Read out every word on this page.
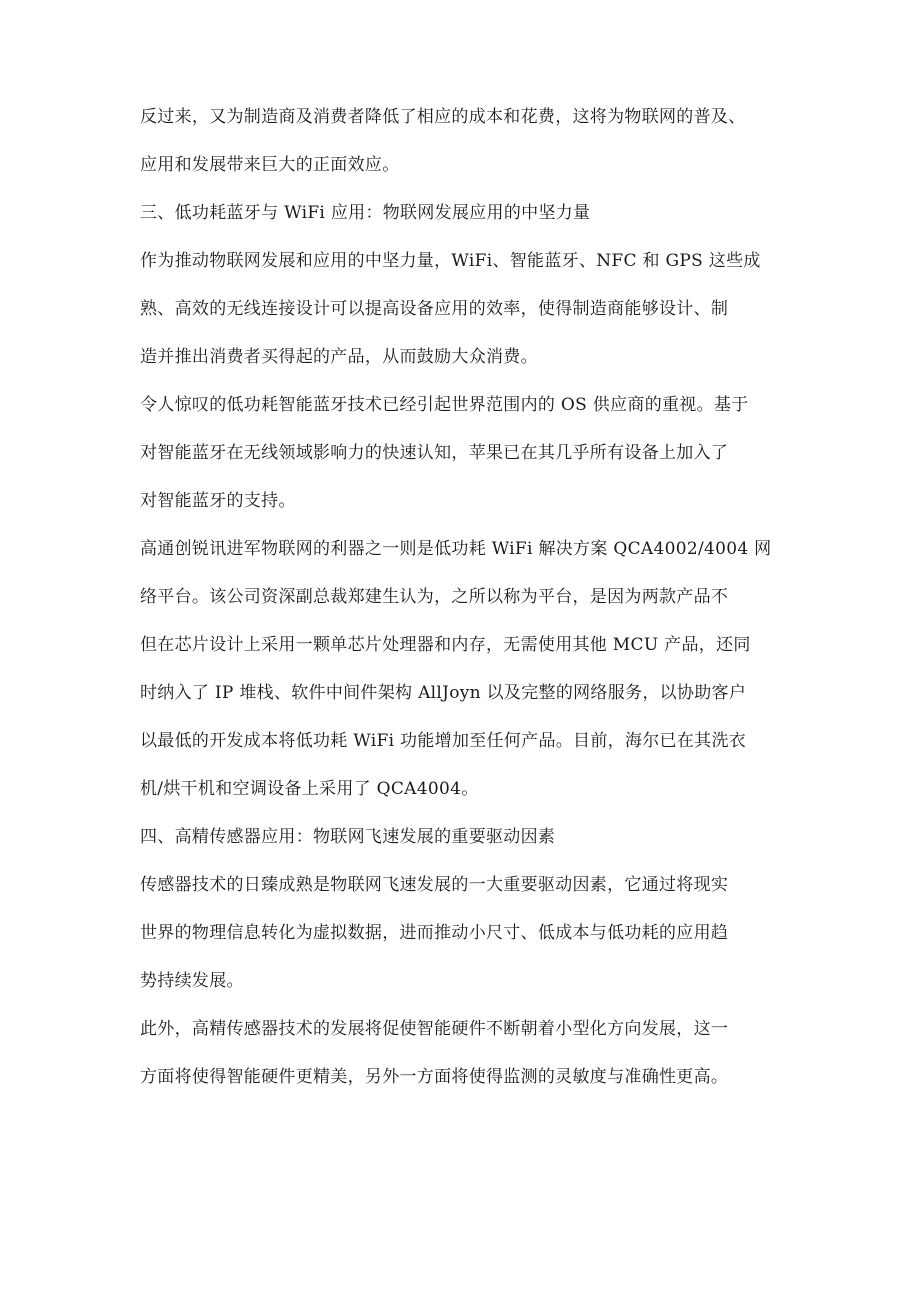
反过来，又为制造商及消费者降低了相应的成本和花费，这将为物联网的普及、
应用和发展带来巨大的正面效应。
三、低功耗蓝牙与 WiFi 应用：物联网发展应用的中坚力量
作为推动物联网发展和应用的中坚力量，WiFi、智能蓝牙、NFC 和 GPS 这些成
熟、高效的无线连接设计可以提高设备应用的效率，使得制造商能够设计、制
造并推出消费者买得起的产品，从而鼓励大众消费。
令人惊叹的低功耗智能蓝牙技术已经引起世界范围内的 OS 供应商的重视。基于
对智能蓝牙在无线领域影响力的快速认知，苹果已在其几乎所有设备上加入了
对智能蓝牙的支持。
高通创锐讯进军物联网的利器之一则是低功耗 WiFi 解决方案 QCA4002/4004 网
络平台。该公司资深副总裁郑建生认为，之所以称为平台，是因为两款产品不
但在芯片设计上采用一颗单芯片处理器和内存，无需使用其他 MCU 产品，还同
时纳入了 IP 堆栈、软件中间件架构 AllJoyn 以及完整的网络服务，以协助客户
以最低的开发成本将低功耗 WiFi 功能增加至任何产品。目前，海尔已在其洗衣
机/烘干机和空调设备上采用了 QCA4004。
四、高精传感器应用：物联网飞速发展的重要驱动因素
传感器技术的日臻成熟是物联网飞速发展的一大重要驱动因素，它通过将现实
世界的物理信息转化为虚拟数据，进而推动小尺寸、低成本与低功耗的应用趋
势持续发展。
此外，高精传感器技术的发展将促使智能硬件不断朝着小型化方向发展，这一
方面将使得智能硬件更精美，另外一方面将使得监测的灵敏度与准确性更高。
